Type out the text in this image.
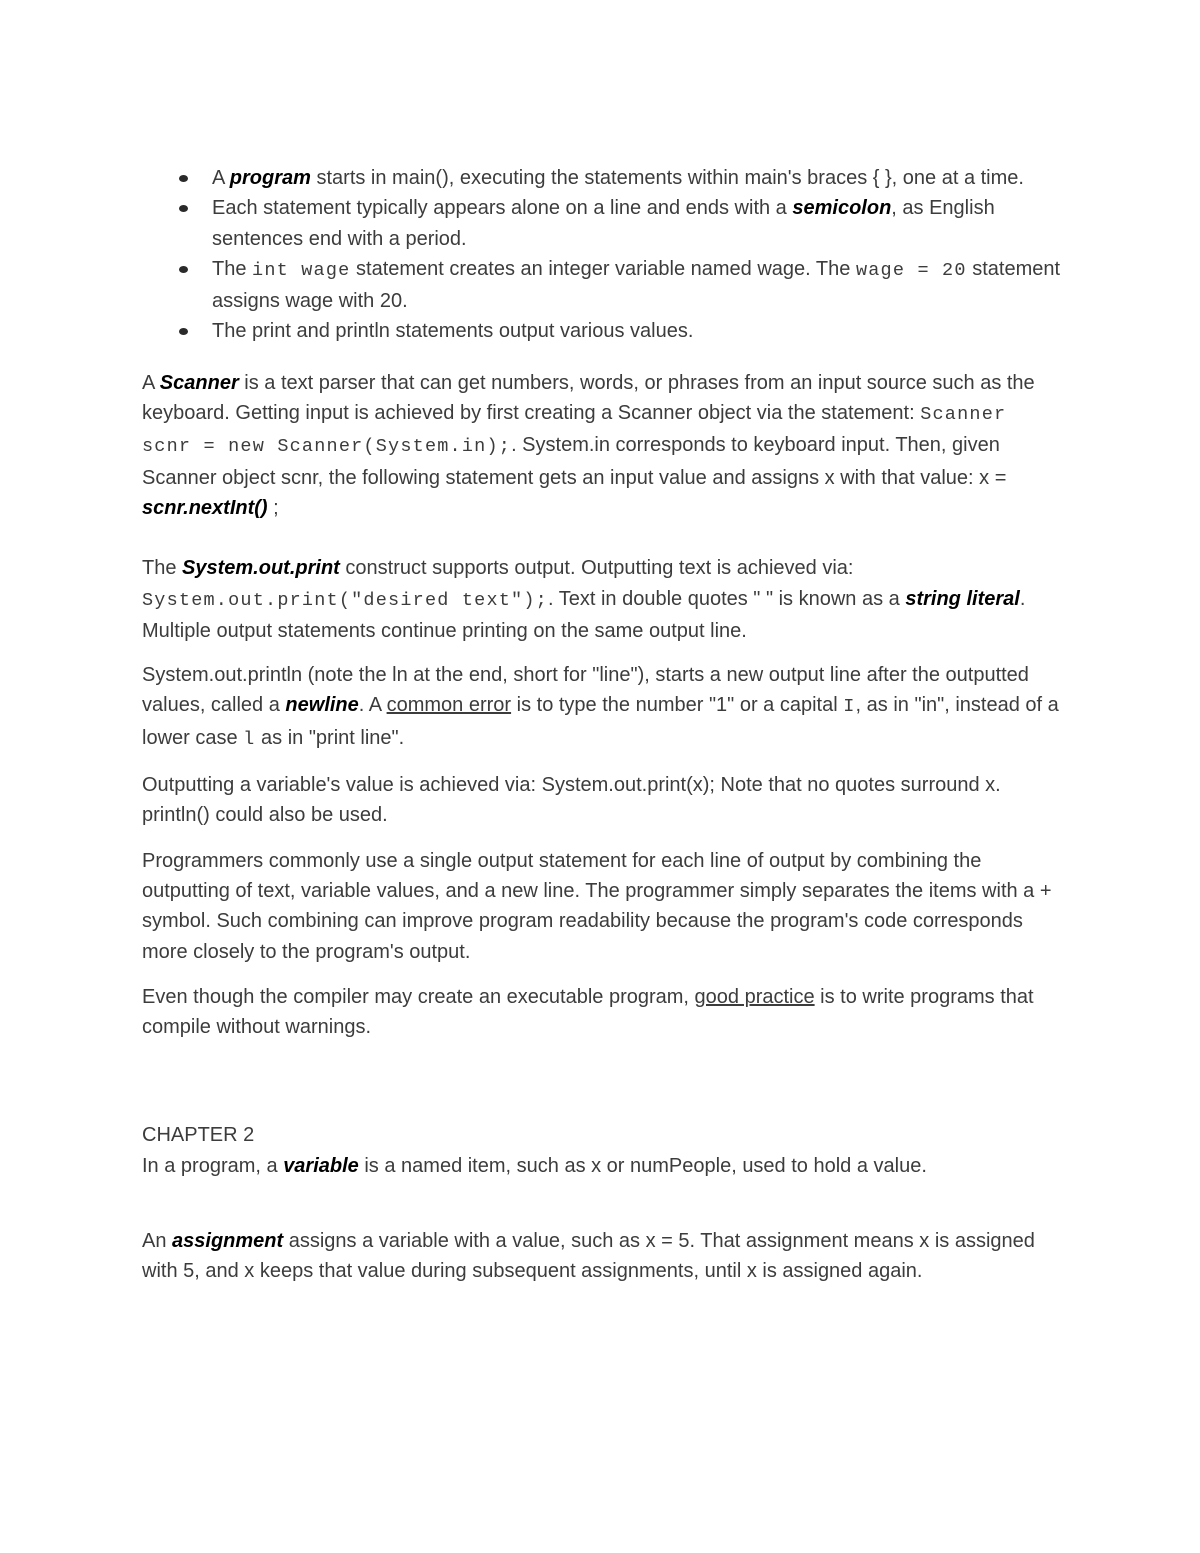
A program starts in main(), executing the statements within main's braces { }, one at a time.
Each statement typically appears alone on a line and ends with a semicolon, as English sentences end with a period.
The int wage statement creates an integer variable named wage. The wage = 20 statement assigns wage with 20.
The print and println statements output various values.

A Scanner is a text parser that can get numbers, words, or phrases from an input source such as the keyboard. Getting input is achieved by first creating a Scanner object via the statement: Scanner scnr = new Scanner(System.in);. System.in corresponds to keyboard input. Then, given Scanner object scnr, the following statement gets an input value and assigns x with that value: x = scnr.nextInt() ;

The System.out.print construct supports output. Outputting text is achieved via: System.out.print("desired text");. Text in double quotes " " is known as a string literal. Multiple output statements continue printing on the same output line.

System.out.println (note the ln at the end, short for "line"), starts a new output line after the outputted values, called a newline. A common error is to type the number "1" or a capital I, as in "in", instead of a lower case l as in "print line".

Outputting a variable's value is achieved via: System.out.print(x); Note that no quotes surround x. println() could also be used.

Programmers commonly use a single output statement for each line of output by combining the outputting of text, variable values, and a new line. The programmer simply separates the items with a + symbol. Such combining can improve program readability because the program's code corresponds more closely to the program's output.

Even though the compiler may create an executable program, good practice is to write programs that compile without warnings.

CHAPTER 2

In a program, a variable is a named item, such as x or numPeople, used to hold a value.

An assignment assigns a variable with a value, such as x = 5. That assignment means x is assigned with 5, and x keeps that value during subsequent assignments, until x is assigned again.
